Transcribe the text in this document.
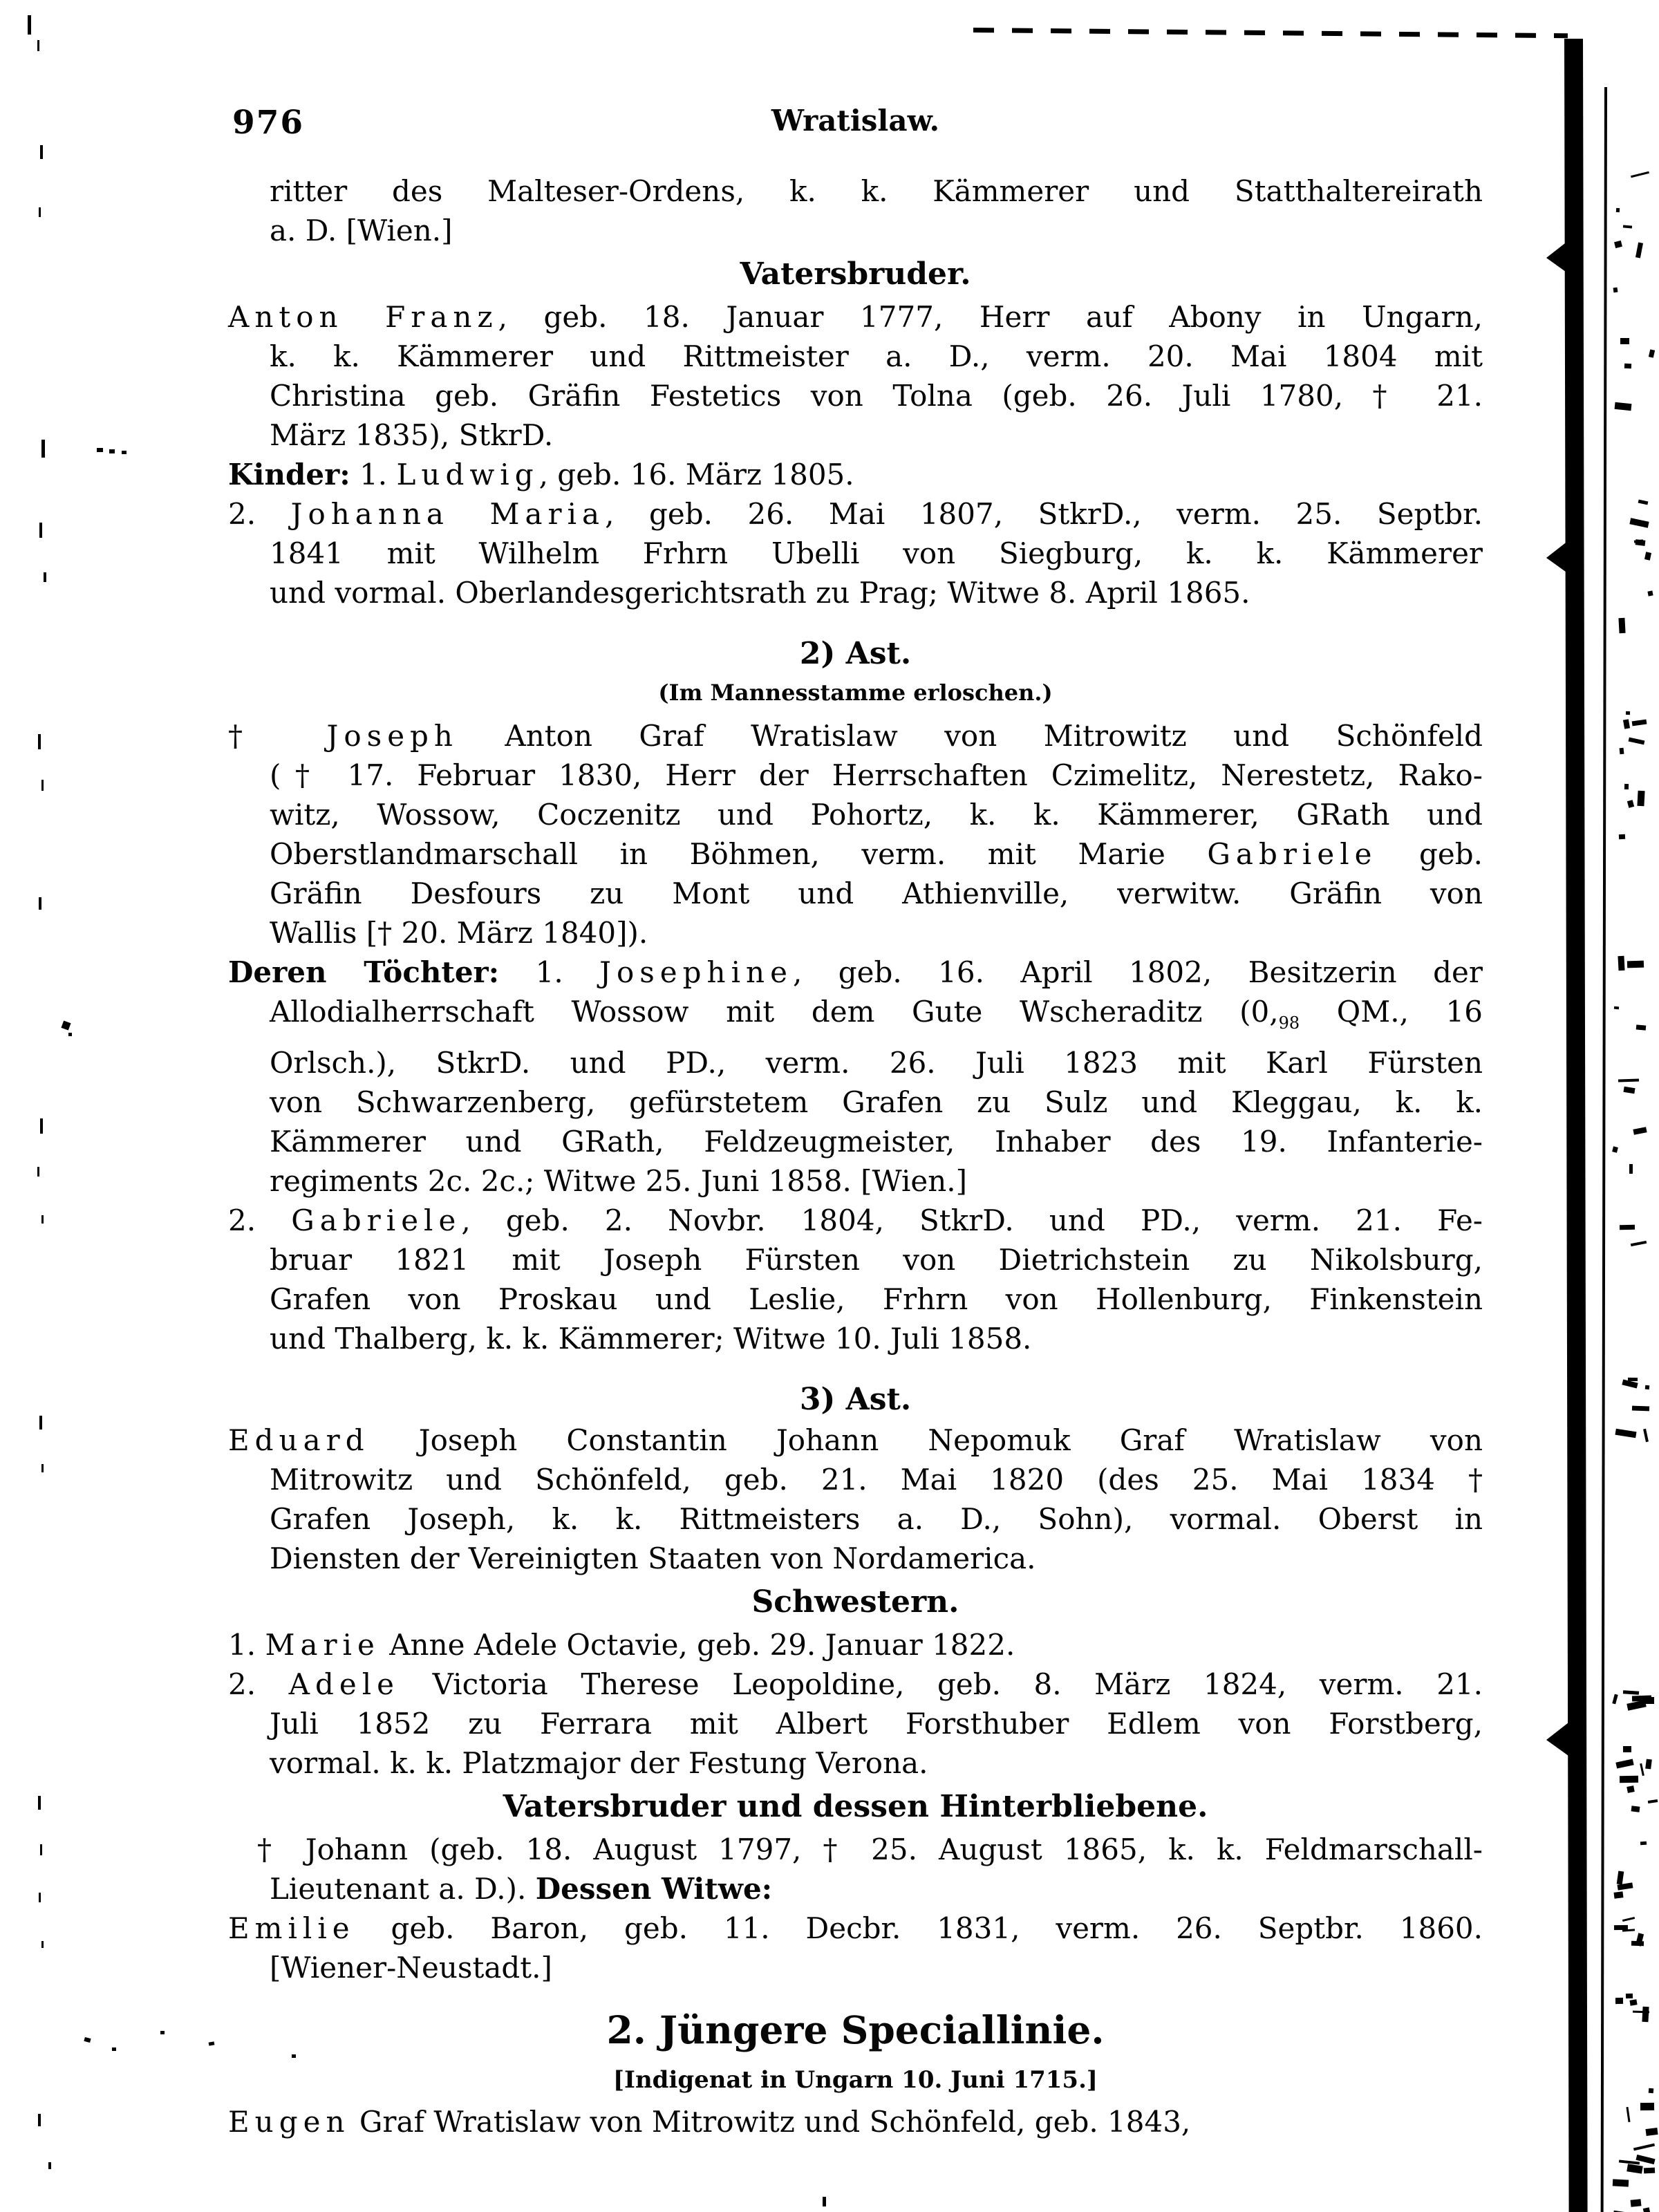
976	Wratislaw.
ritter des Malteser-Ordens, k. k. Kämmerer und Statthaltereirath
a. D. [Wien.]
Vatersbruder.
Anton Franz, geb. 18. Januar 1777, Herr auf Abony in Ungarn,
k. k. Kämmerer und Rittmeister a. D., verm. 20. Mai 1804 mit
Christina geb. Gräfin Festetics von Tolna (geb. 26. Juli 1780, † 21.
März 1835), StkrD.
Kinder: 1. Ludwig, geb. 16. März 1805.
2. Johanna Maria, geb. 26. Mai 1807, StkrD., verm. 25. Septbr.
1841 mit Wilhelm Frhrn Ubelli von Siegburg, k. k. Kämmerer
und vormal. Oberlandesgerichtsrath zu Prag; Witwe 8. April 1865.
2) Ast.
(Im Mannesstamme erloschen.)
† Joseph Anton Graf Wratislaw von Mitrowitz und Schönfeld
(† 17. Februar 1830, Herr der Herrschaften Czimelitz, Nerestetz, Rako-
witz, Wossow, Coczenitz und Pohortz, k. k. Kämmerer, GRath und
Oberstlandmarschall in Böhmen, verm. mit Marie Gabriele geb.
Gräfin Desfours zu Mont und Athienville, verwitw. Gräfin von
Wallis [† 20. März 1840]).
Deren Töchter: 1. Josephine, geb. 16. April 1802, Besitzerin der
Allodialherrschaft Wossow mit dem Gute Wscheraditz ($0,_{98}$ QM., 16
Orlsch.), StkrD. und PD., verm. 26. Juli 1823 mit Karl Fürsten
von Schwarzenberg, gefürstetem Grafen zu Sulz und Kleggau, k. k.
Kämmerer und GRath, Feldzeugmeister, Inhaber des 19. Infanterie-
regiments 2c. 2c.; Witwe 25. Juni 1858. [Wien.]
2. Gabriele, geb. 2. Novbr. 1804, StkrD. und PD., verm. 21. Fe-
bruar 1821 mit Joseph Fürsten von Dietrichstein zu Nikolsburg,
Grafen von Proskau und Leslie, Frhrn von Hollenburg, Finkenstein
und Thalberg, k. k. Kämmerer; Witwe 10. Juli 1858.
3) Ast.
Eduard Joseph Constantin Johann Nepomuk Graf Wratislaw von
Mitrowitz und Schönfeld, geb. 21. Mai 1820 (des 25. Mai 1834 †
Grafen Joseph, k. k. Rittmeisters a. D., Sohn), vormal. Oberst in
Diensten der Vereinigten Staaten von Nordamerica.
Schwestern.
1. Marie Anne Adele Octavie, geb. 29. Januar 1822.
2. Adele Victoria Therese Leopoldine, geb. 8. März 1824, verm. 21.
Juli 1852 zu Ferrara mit Albert Forsthuber Edlem von Forstberg,
vormal. k. k. Platzmajor der Festung Verona.
Vatersbruder und dessen Hinterbliebene.
† Johann (geb. 18. August 1797, † 25. August 1865, k. k. Feldmarschall-
Lieutenant a. D.). Dessen Witwe:
Emilie geb. Baron, geb. 11. Decbr. 1831, verm. 26. Septbr. 1860.
[Wiener-Neustadt.]
2. Jüngere Speciallinie.
[Indigenat in Ungarn 10. Juni 1715.]
Eugen Graf Wratislaw von Mitrowitz und Schönfeld, geb. 1843,
